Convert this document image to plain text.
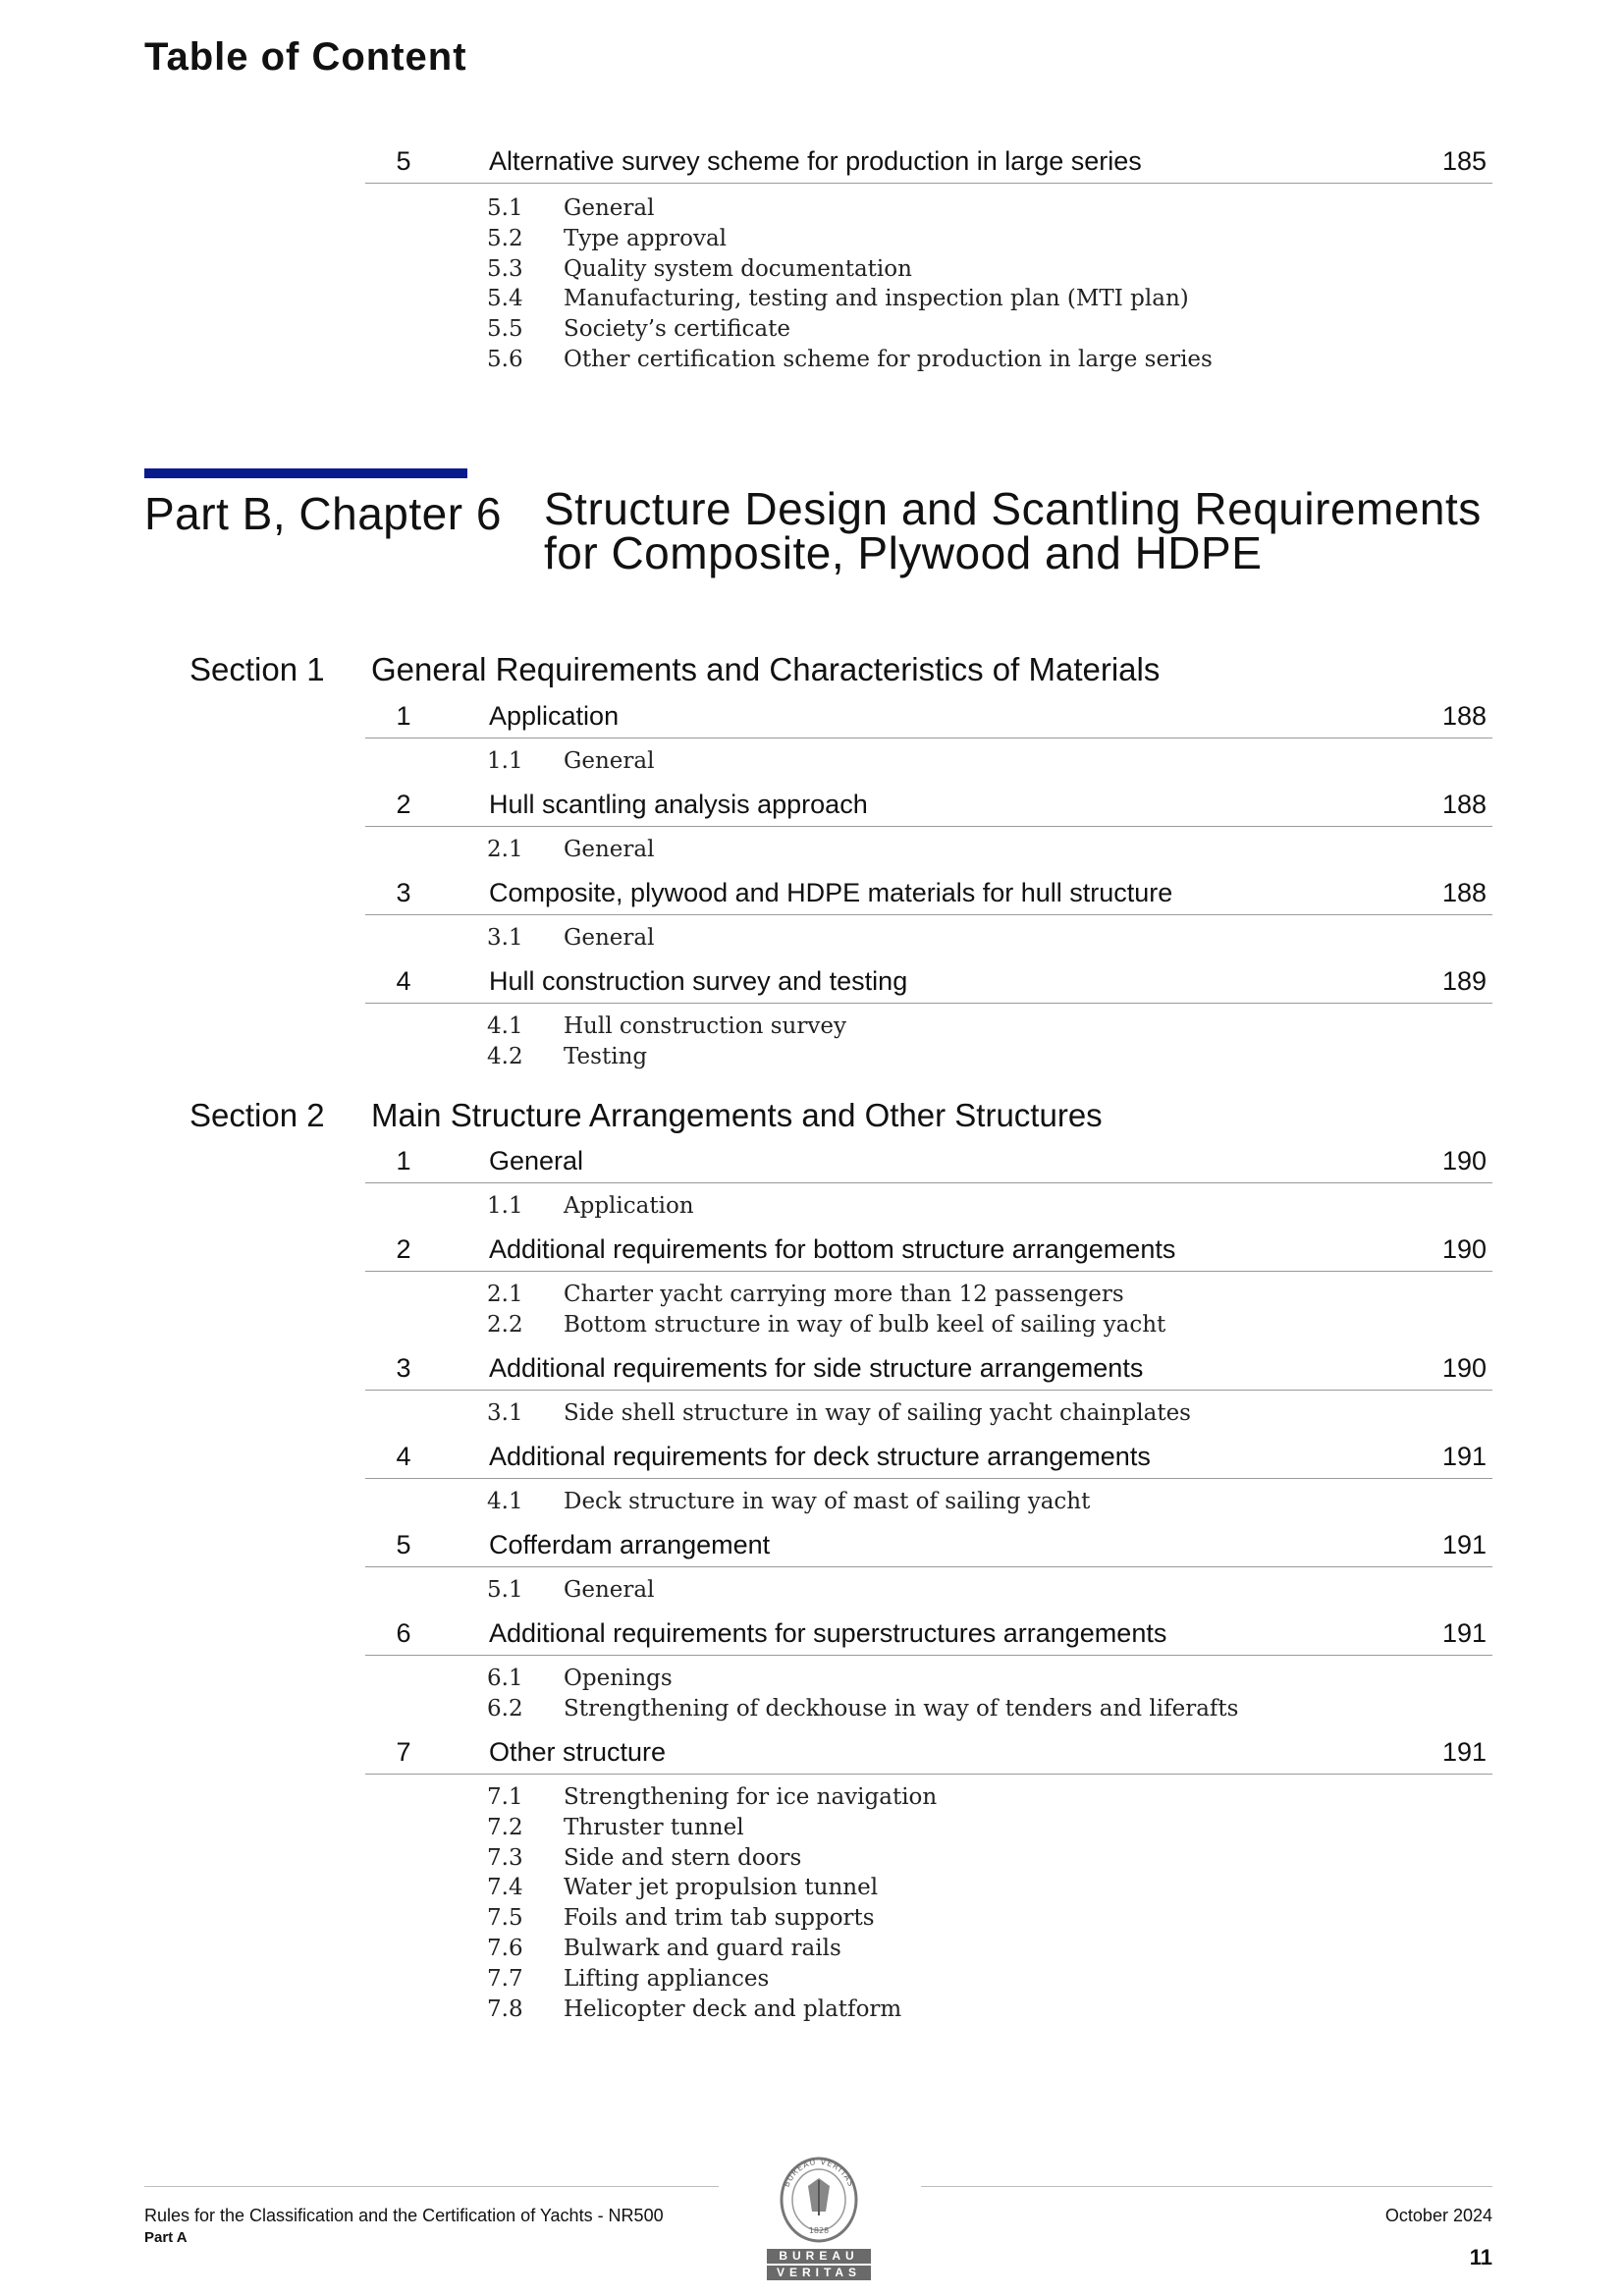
Table of Content
5	Alternative survey scheme for production in large series	185
5.1 General
5.2 Type approval
5.3 Quality system documentation
5.4 Manufacturing, testing and inspection plan (MTI plan)
5.5 Society’s certificate
5.6 Other certification scheme for production in large series
Part B, Chapter 6 Structure Design and Scantling Requirements for Composite, Plywood and HDPE
Section 1 General Requirements and Characteristics of Materials
1	Application	188
1.1 General
2	Hull scantling analysis approach	188
2.1 General
3	Composite, plywood and HDPE materials for hull structure	188
3.1 General
4	Hull construction survey and testing	189
4.1 Hull construction survey
4.2 Testing
Section 2 Main Structure Arrangements and Other Structures
1	General	190
1.1 Application
2	Additional requirements for bottom structure arrangements	190
2.1 Charter yacht carrying more than 12 passengers
2.2 Bottom structure in way of bulb keel of sailing yacht
3	Additional requirements for side structure arrangements	190
3.1 Side shell structure in way of sailing yacht chainplates
4	Additional requirements for deck structure arrangements	191
4.1 Deck structure in way of mast of sailing yacht
5	Cofferdam arrangement	191
5.1 General
6	Additional requirements for superstructures arrangements	191
6.1 Openings
6.2 Strengthening of deckhouse in way of tenders and liferafts
7	Other structure	191
7.1 Strengthening for ice navigation
7.2 Thruster tunnel
7.3 Side and stern doors
7.4 Water jet propulsion tunnel
7.5 Foils and trim tab supports
7.6 Bulwark and guard rails
7.7 Lifting appliances
7.8 Helicopter deck and platform
Rules for the Classification and the Certification of Yachts - NR500
Part A
October 2024
11
BUREAU VERITAS
1828
BUREAU
VERITAS
